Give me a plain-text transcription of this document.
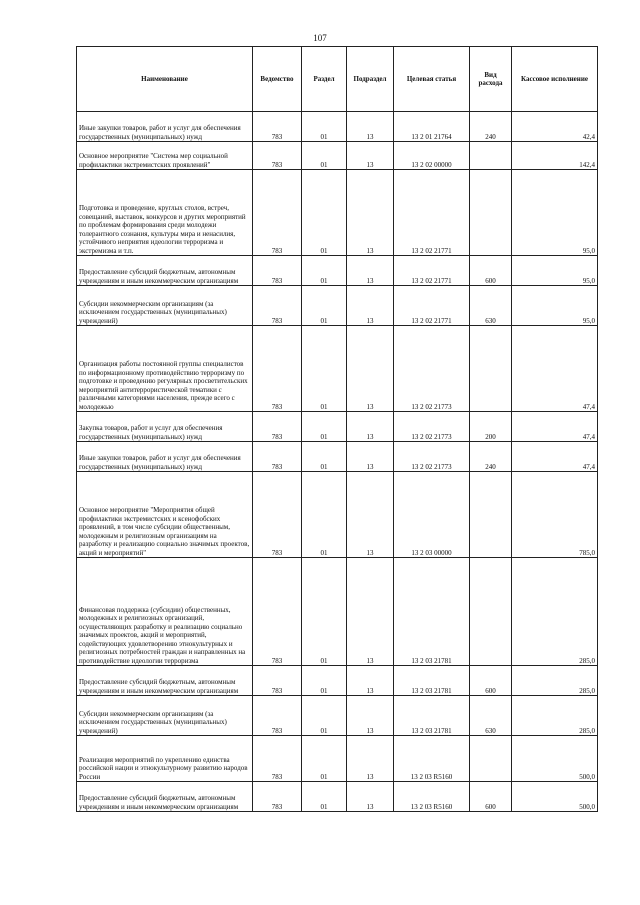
107
Наименование	Ведомство	Раздел	Подраздел	Целевая статья	Вид расхода	Кассовое исполнение
Иные закупки товаров, работ и услуг для обеспечения государственных (муниципальных) нужд	783	01	13	13 2 01 21764	240	42,4
Основное мероприятие "Система мер социальной профилактики экстремистских проявлений"	783	01	13	13 2 02 00000		142,4
Подготовка и проведение, круглых столов, встреч, совещаний, выставок, конкурсов и других мероприятий по проблемам формирования среди молодежи толерантного сознания, культуры мира и ненасилия, устойчивого неприятия идеологии терроризма и экстремизма и т.п.	783	01	13	13 2 02 21771		95,0
Предоставление субсидий бюджетным, автономным учреждениям и иным некоммерческим организациям	783	01	13	13 2 02 21771	600	95,0
Субсидии некоммерческим организациям (за исключением государственных (муниципальных) учреждений)	783	01	13	13 2 02 21771	630	95,0
Организация работы постоянной группы специалистов по информационному противодействию терроризму по подготовке и проведению регулярных просветительских мероприятий антитеррористической тематики с различными категориями населения, прежде всего с молодежью	783	01	13	13 2 02 21773		47,4
Закупка товаров, работ и услуг для обеспечения государственных (муниципальных) нужд	783	01	13	13 2 02 21773	200	47,4
Иные закупки товаров, работ и услуг для обеспечения государственных (муниципальных) нужд	783	01	13	13 2 02 21773	240	47,4
Основное мероприятие "Мероприятия общей профилактики экстремистских и ксенофобских проявлений, в том числе субсидии общественным, молодежным и религиозным организациям на разработку и реализацию социально значимых проектов, акций и мероприятий"	783	01	13	13 2 03 00000		785,0
Финансовая поддержка (субсидии) общественных, молодежных и религиозных организаций, осуществляющих разработку и реализацию социально значимых проектов, акций и мероприятий, содействующих удовлетворению этнокультурных и религиозных потребностей граждан и направленных на противодействие идеологии терроризма	783	01	13	13 2 03 21781		285,0
Предоставление субсидий бюджетным, автономным учреждениям и иным некоммерческим организациям	783	01	13	13 2 03 21781	600	285,0
Субсидии некоммерческим организациям (за исключением государственных (муниципальных) учреждений)	783	01	13	13 2 03 21781	630	285,0
Реализация мероприятий по укреплению единства российской нации и этнокультурному развитию народов России	783	01	13	13 2 03 R5160		500,0
Предоставление субсидий бюджетным, автономным учреждениям и иным некоммерческим организациям	783	01	13	13 2 03 R5160	600	500,0
